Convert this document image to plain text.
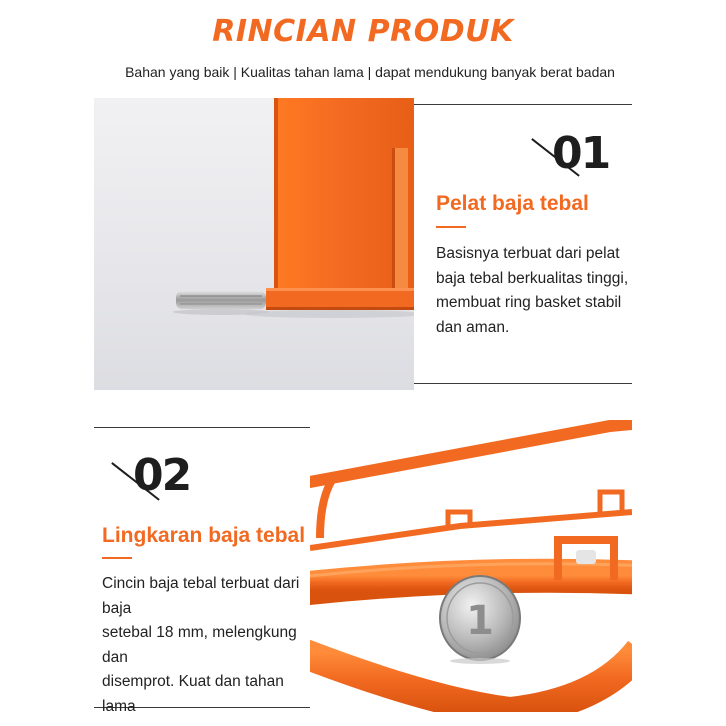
RINCIAN PRODUK
Bahan yang baik | Kualitas tahan lama | dapat mendukung banyak berat badan
01
Pelat baja tebal
Basisnya terbuat dari pelat
baja tebal berkualitas tinggi,
membuat ring basket stabil
dan aman.
02
Lingkaran baja tebal
Cincin baja tebal terbuat dari baja
setebal 18 mm, melengkung dan
disemprot. Kuat dan tahan lama
1
